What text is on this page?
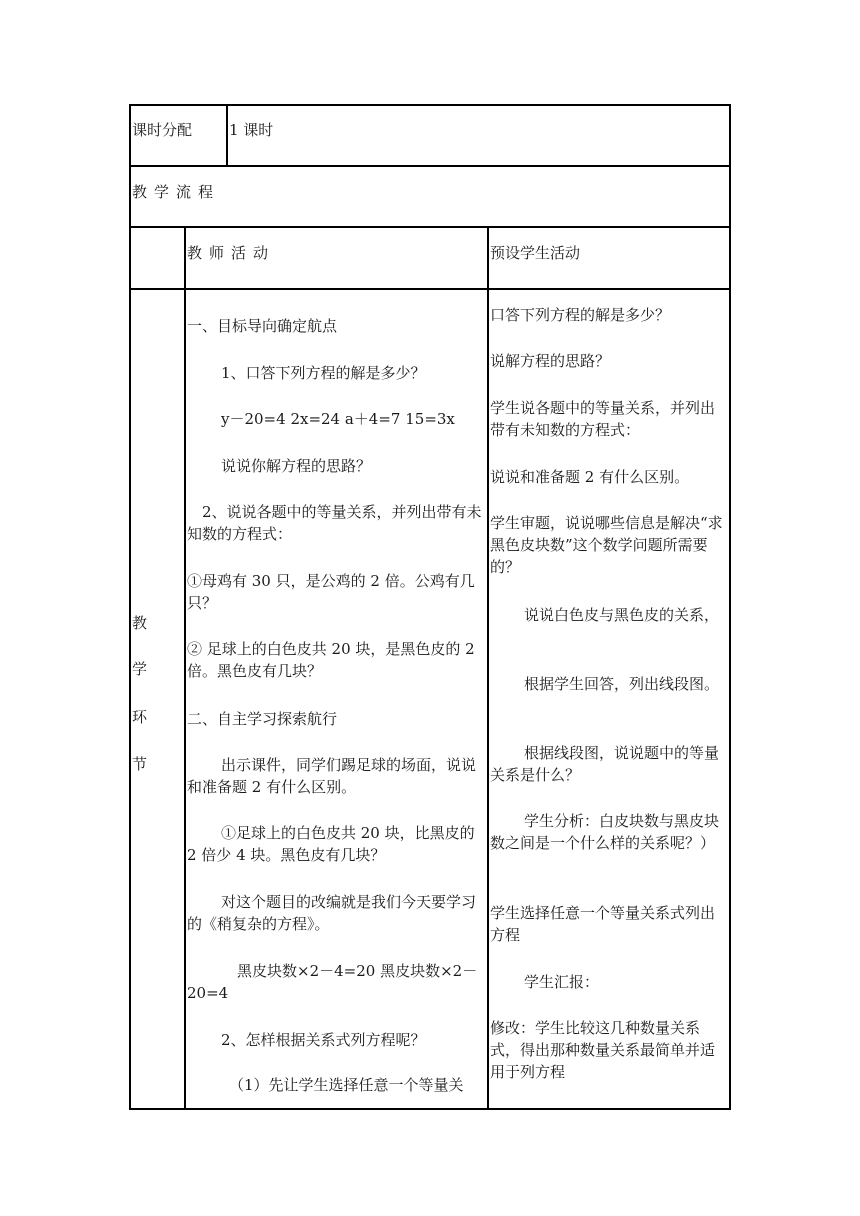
课时分配 1 课时
教学流程
教师活动	预设学生活动
教
学
环
节
一、目标导向确定航点
1、口答下列方程的解是多少？
y－20=4 2x=24 a＋4=7 15=3x
说说你解方程的思路？
2、说说各题中的等量关系，并列出带有未知数的方程式：
①母鸡有 30 只，是公鸡的 2 倍。公鸡有几只？
② 足球上的白色皮共 20 块，是黑色皮的 2 倍。黑色皮有几块？
二、自主学习探索航行
出示课件，同学们踢足球的场面，说说和准备题 2 有什么区别。
①足球上的白色皮共 20 块，比黑皮的 2 倍少 4 块。黑色皮有几块？
对这个题目的改编就是我们今天要学习的《稍复杂的方程》。
黑皮块数×2－4=20 黑皮块数×2－20=4
2、怎样根据关系式列方程呢？
（1）先让学生选择任意一个等量关
口答下列方程的解是多少？
说解方程的思路？
学生说各题中的等量关系，并列出带有未知数的方程式：
说说和准备题 2 有什么区别。
学生审题，说说哪些信息是解决“求黑色皮块数”这个数学问题所需要的？
说说白色皮与黑色皮的关系，
根据学生回答，列出线段图。
根据线段图，说说题中的等量关系是什么？
学生分析：白皮块数与黑皮块数之间是一个什么样的关系呢？）
学生选择任意一个等量关系式列出方程
学生汇报：
修改：学生比较这几种数量关系式，得出那种数量关系最简单并适用于列方程
